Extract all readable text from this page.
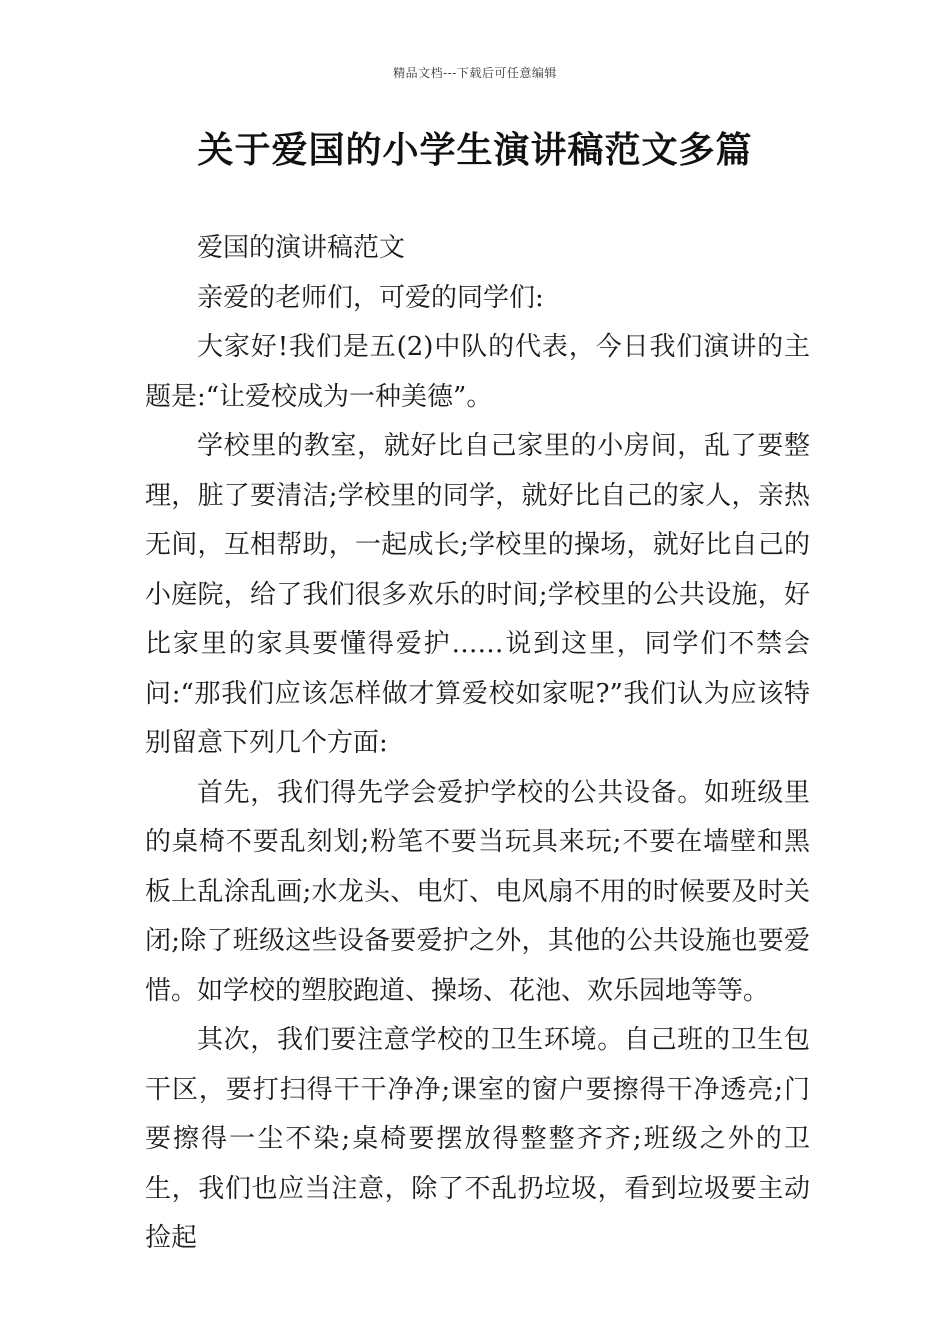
精品文档---下载后可任意编辑
关于爱国的小学生演讲稿范文多篇

爱国的演讲稿范文

亲爱的老师们，可爱的同学们:

大家好!我们是五(2)中队的代表，今日我们演讲的主题是:“让爱校成为一种美德”。

学校里的教室，就好比自己家里的小房间，乱了要整理，脏了要清洁;学校里的同学，就好比自己的家人，亲热无间，互相帮助，一起成长;学校里的操场，就好比自己的小庭院，给了我们很多欢乐的时间;学校里的公共设施，好比家里的家具要懂得爱护……说到这里，同学们不禁会问:“那我们应该怎样做才算爱校如家呢?”我们认为应该特别留意下列几个方面:

首先，我们得先学会爱护学校的公共设备。如班级里的桌椅不要乱刻划;粉笔不要当玩具来玩;不要在墙壁和黑板上乱涂乱画;水龙头、电灯、电风扇不用的时候要及时关闭;除了班级这些设备要爱护之外，其他的公共设施也要爱惜。如学校的塑胶跑道、操场、花池、欢乐园地等等。

其次，我们要注意学校的卫生环境。自己班的卫生包干区，要打扫得干干净净;课室的窗户要擦得干净透亮;门要擦得一尘不染;桌椅要摆放得整整齐齐;班级之外的卫生，我们也应当注意，除了不乱扔垃圾，看到垃圾要主动捡起
